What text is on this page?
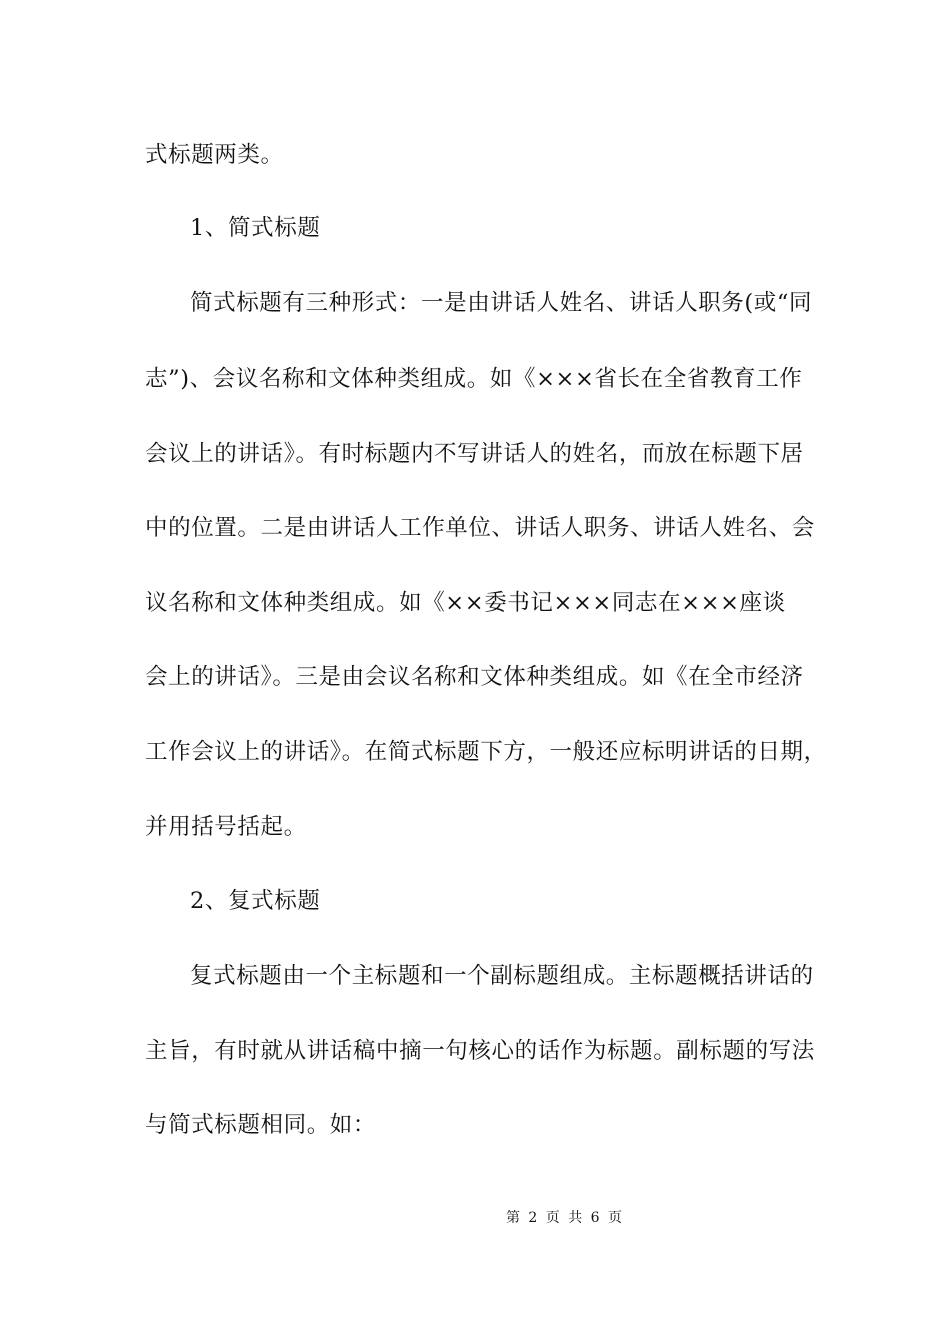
式标题两类。
1、简式标题
简式标题有三种形式：一是由讲话人姓名、讲话人职务(或“同
志”)、会议名称和文体种类组成。如《×××省长在全省教育工作
会议上的讲话》。有时标题内不写讲话人的姓名，而放在标题下居
中的位置。二是由讲话人工作单位、讲话人职务、讲话人姓名、会
议名称和文体种类组成。如《××委书记×××同志在×××座谈
会上的讲话》。三是由会议名称和文体种类组成。如《在全市经济
工作会议上的讲话》。在简式标题下方，一般还应标明讲话的日期，
并用括号括起。
2、复式标题
复式标题由一个主标题和一个副标题组成。主标题概括讲话的
主旨，有时就从讲话稿中摘一句核心的话作为标题。副标题的写法
与简式标题相同。如：
第 2 页 共 6 页
